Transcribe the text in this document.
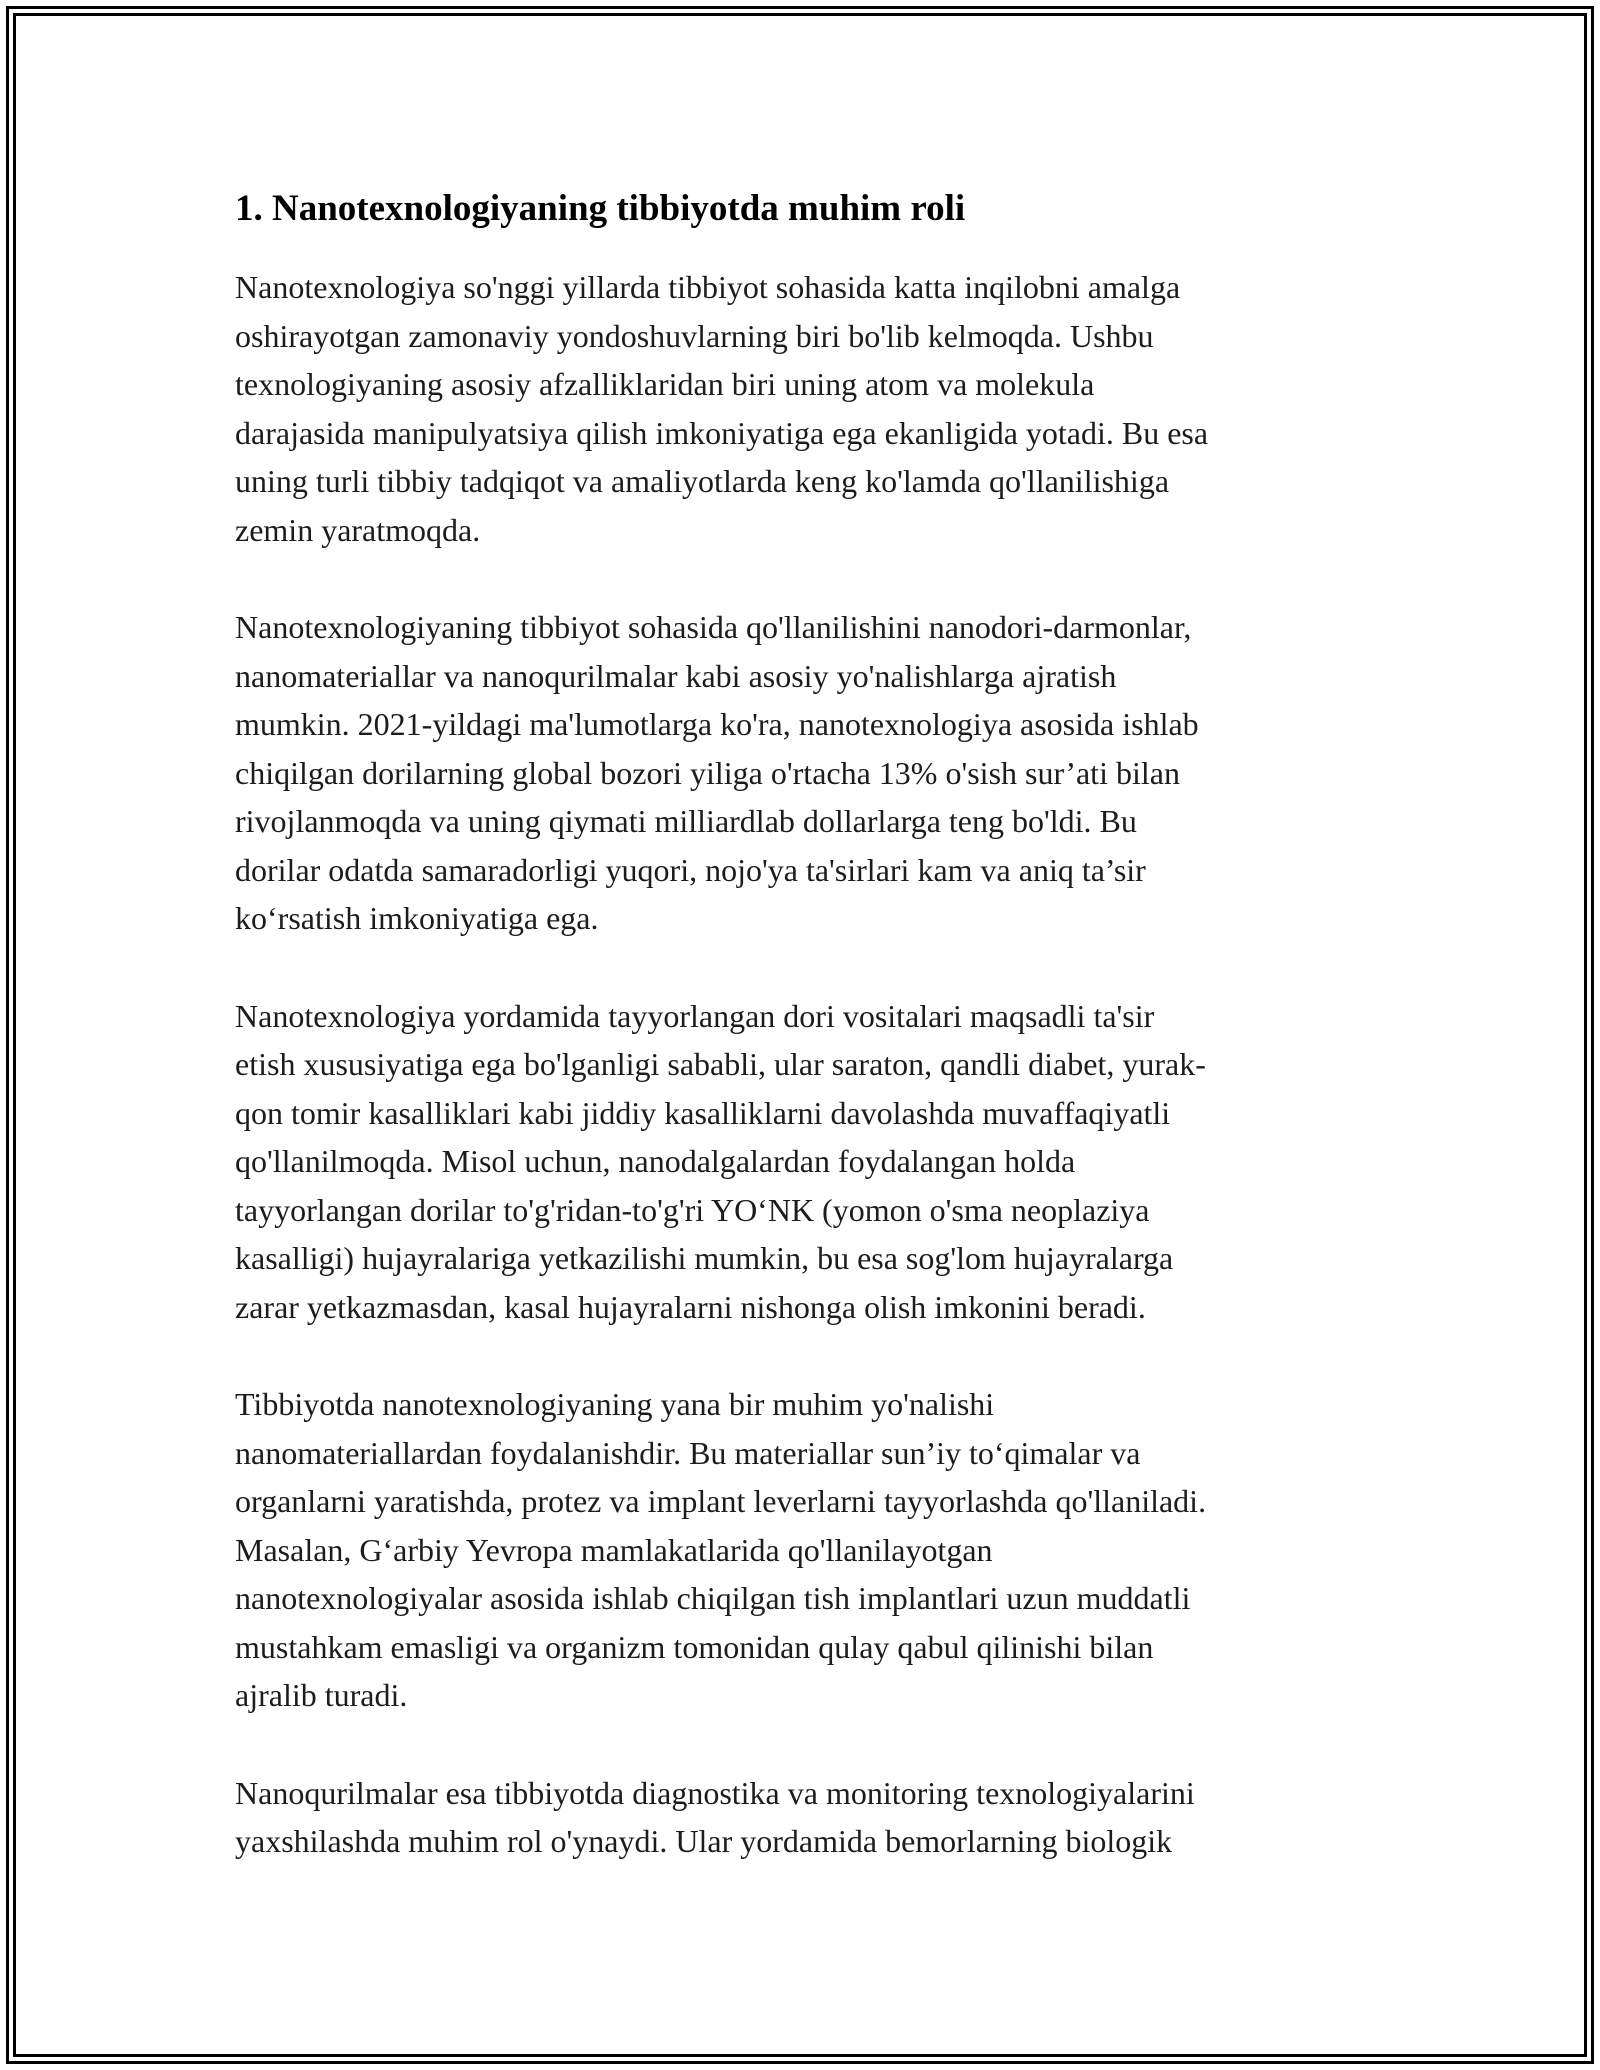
1. Nanotexnologiyaning tibbiyotda muhim roli

Nanotexnologiya so'nggi yillarda tibbiyot sohasida katta inqilobni amalga
oshirayotgan zamonaviy yondoshuvlarning biri bo'lib kelmoqda. Ushbu
texnologiyaning asosiy afzalliklaridan biri uning atom va molekula
darajasida manipulyatsiya qilish imkoniyatiga ega ekanligida yotadi. Bu esa
uning turli tibbiy tadqiqot va amaliyotlarda keng ko'lamda qo'llanilishiga
zemin yaratmoqda.

Nanotexnologiyaning tibbiyot sohasida qo'llanilishini nanodori-darmonlar,
nanomateriallar va nanoqurilmalar kabi asosiy yo'nalishlarga ajratish
mumkin. 2021-yildagi ma'lumotlarga ko'ra, nanotexnologiya asosida ishlab
chiqilgan dorilarning global bozori yiliga o'rtacha 13% o'sish sur’ati bilan
rivojlanmoqda va uning qiymati milliardlab dollarlarga teng bo'ldi. Bu
dorilar odatda samaradorligi yuqori, nojo'ya ta'sirlari kam va aniq ta’sir
ko‘rsatish imkoniyatiga ega.

Nanotexnologiya yordamida tayyorlangan dori vositalari maqsadli ta'sir
etish xususiyatiga ega bo'lganligi sababli, ular saraton, qandli diabet, yurak-
qon tomir kasalliklari kabi jiddiy kasalliklarni davolashda muvaffaqiyatli
qo'llanilmoqda. Misol uchun, nanodalgalardan foydalangan holda
tayyorlangan dorilar to'g'ridan-to'g'ri YO‘NK (yomon o'sma neoplaziya
kasalligi) hujayralariga yetkazilishi mumkin, bu esa sog'lom hujayralarga
zarar yetkazmasdan, kasal hujayralarni nishonga olish imkonini beradi.

Tibbiyotda nanotexnologiyaning yana bir muhim yo'nalishi
nanomateriallardan foydalanishdir. Bu materiallar sun’iy to‘qimalar va
organlarni yaratishda, protez va implant leverlarni tayyorlashda qo'llaniladi.
Masalan, G‘arbiy Yevropa mamlakatlarida qo'llanilayotgan
nanotexnologiyalar asosida ishlab chiqilgan tish implantlari uzun muddatli
mustahkam emasligi va organizm tomonidan qulay qabul qilinishi bilan
ajralib turadi.

Nanoqurilmalar esa tibbiyotda diagnostika va monitoring texnologiyalarini
yaxshilashda muhim rol o'ynaydi. Ular yordamida bemorlarning biologik
